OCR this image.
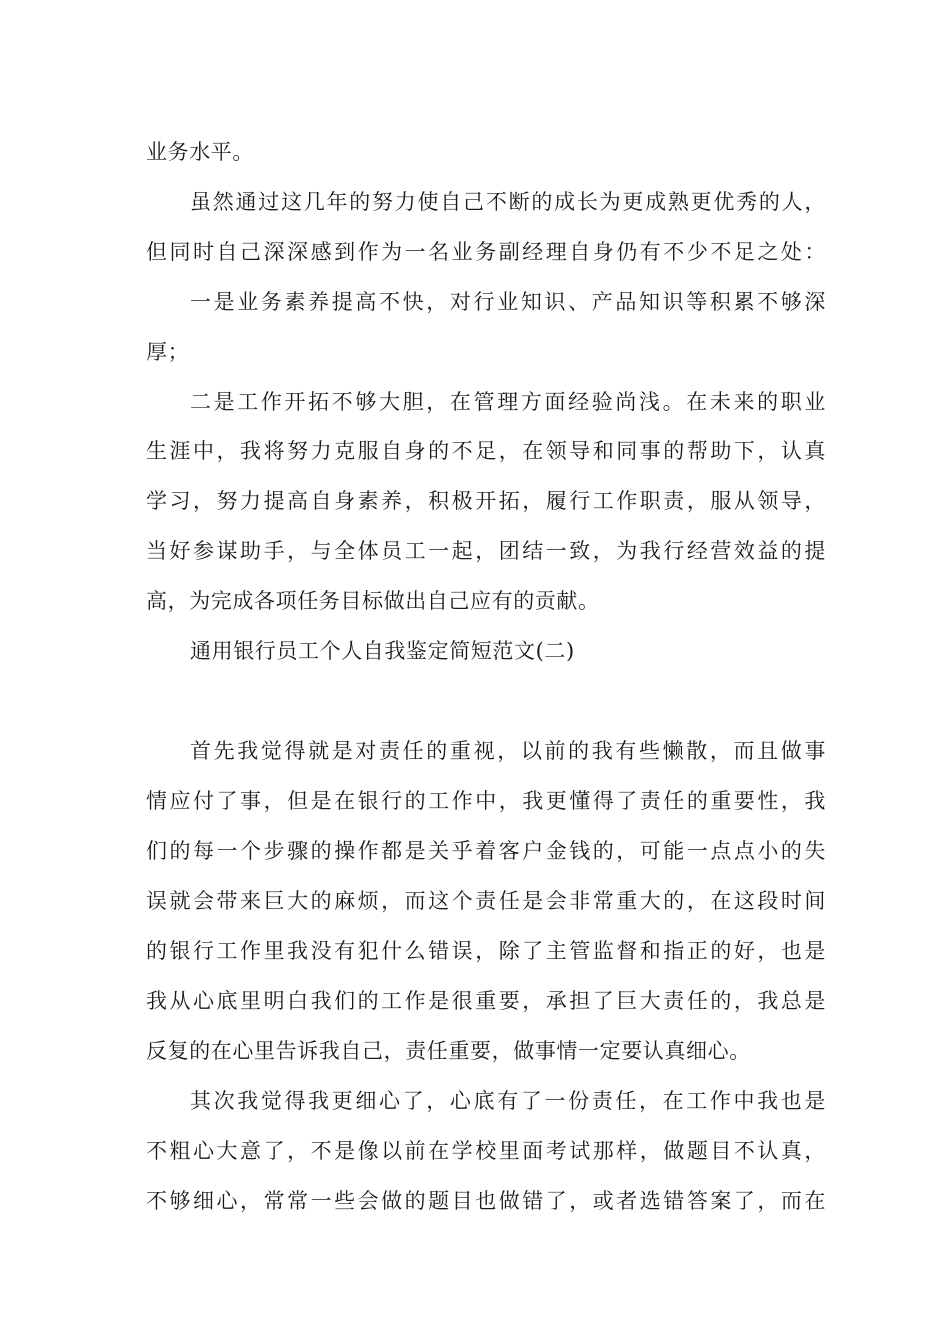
业务水平。
虽然通过这几年的努力使自己不断的成长为更成熟更优秀的人，
但同时自己深深感到作为一名业务副经理自身仍有不少不足之处：
一是业务素养提高不快，对行业知识、产品知识等积累不够深
厚；
二是工作开拓不够大胆，在管理方面经验尚浅。在未来的职业
生涯中，我将努力克服自身的不足，在领导和同事的帮助下，认真
学习，努力提高自身素养，积极开拓，履行工作职责，服从领导，
当好参谋助手，与全体员工一起，团结一致，为我行经营效益的提
高，为完成各项任务目标做出自己应有的贡献。
通用银行员工个人自我鉴定简短范文(二)
首先我觉得就是对责任的重视，以前的我有些懒散，而且做事
情应付了事，但是在银行的工作中，我更懂得了责任的重要性，我
们的每一个步骤的操作都是关乎着客户金钱的，可能一点点小的失
误就会带来巨大的麻烦，而这个责任是会非常重大的，在这段时间
的银行工作里我没有犯什么错误，除了主管监督和指正的好，也是
我从心底里明白我们的工作是很重要，承担了巨大责任的，我总是
反复的在心里告诉我自己，责任重要，做事情一定要认真细心。
其次我觉得我更细心了，心底有了一份责任，在工作中我也是
不粗心大意了，不是像以前在学校里面考试那样，做题目不认真，
不够细心，常常一些会做的题目也做错了，或者选错答案了，而在
